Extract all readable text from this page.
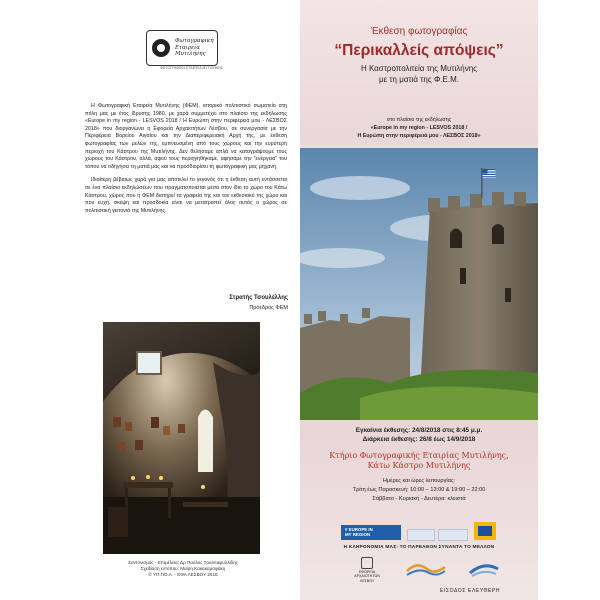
Φωτογραφική
Εταιρεία
Μυτιλήνης
ΦΩΤΟΓΡΑΦΙΚΗ ΕΤΑΙΡΕΙΑ ΜΥΤΙΛΗΝΗΣ

Η Φωτογραφική Εταιρεία Μυτιλήνης (ΦΕΜ), ιστορικό πολιτιστικό σωματείο στη πόλη μας με έτος ίδρυσης 1980, με χαρά συμμετέχει στο πλαίσιο της εκδήλωσης «Europe in my region - LESVOS 2018 / Η Ευρώπη στην περιφέρειά μου - ΛΕΣΒΟΣ 2018» που διοργανώνει η Εφορεία Αρχαιοτήτων Λέσβου, σε συνεργασία με την Περιφέρεια Βορείου Αιγαίου και την Διαπεριφερειακή Αρχή της, με έκθεση φωτογραφίας των μελών της, εμπνευσμένη από τους χώρους και την ευρύτερη περιοχή του Κάστρου της Μυτιλήνης. Δεν θελήσαμε απλά να καταγράψουμε τους χώρους του Κάστρου, αλλά, αφού τους περιηγηθήκαμε, αφήσαμε την "ενέργεια" του τόπου να οδηγήσει τη ματιά μας και να προσδιορίσει τη φωτογραφική μας μηχανή.

Ιδιαίτερη βέβαιως χαρά για μας αποτελεί το γεγονός ότι η έκθεση αυτή εντάσσεται σε ένα πλαίσιο εκδηλώσεων που πραγματοποιείται μέσα στον ίδιο το χώρο του Κάτω Κάστρου, χώρος που η ΦΕΜ διατηρεί τα γραφεία της και τον εκθεσιακό της χώρο και που ευχή, σκέψη και προσδοκία είναι να μετατραπεί όλος αυτός ο χώρος σε πολιτιστική γειτονιά της Μυτιλήνης.

Στρατής Τσουλέλλης
Πρόεδρος ΦΕΜ
Συντονισμός - Επιμέλεια: Δρ Παύλος Τριανταφυλλίδης
Σχεδίαση εντύπου: Μαίρη Κακακαραφάκη
© ΥΠ.ΠΟ.Α. - ΕΦΑ ΛΕΣΒΟΥ 2018
Έκθεση φωτογραφίας
“Περικαλλείς απόψεις”
Η Καστροπολιτεία της Μυτιλήνης
με τη ματιά της Φ.Ε.Μ.
στο πλαίσιο της εκδήλωσης
«Europe in my region - LESVOS 2018 /
Η Ευρώπη στην περιφέρειά μου - ΛΕΣΒΟΣ 2018»
Εγκαίνια έκθεσης: 24/8/2018 στις 8:45 μ.μ.
Διάρκεια έκθεσης: 26/8 έως 14/9/2018
Κτήριο Φωτογραφικής Εταιρίας Μυτιλήνης,
Κάτω Κάστρο Μυτιλήνης
Ημέρες και ώρες λειτουργίας:
Τρίτη έως Παρασκευή: 10:00 – 13:00 & 19:00 – 22:00
Σάββατο - Κυριακή - Δευτέρα: κλειστά
# EUROPE IN
MY REGION
Η ΚΛΗΡΟΝΟΜΙΑ ΜΑΣ: ΤΟ ΠΑΡΕΛΘΟΝ ΣΥΝΑΝΤΑ ΤΟ ΜΕΛΛΟΝ
ΕΦΟΡΕΙΑ
ΑΡΧΑΙΟΤΗΤΩΝ
ΛΕΣΒΟΥ
ΕΙΣΟΔΟΣ ΕΛΕΥΘΕΡΗ
